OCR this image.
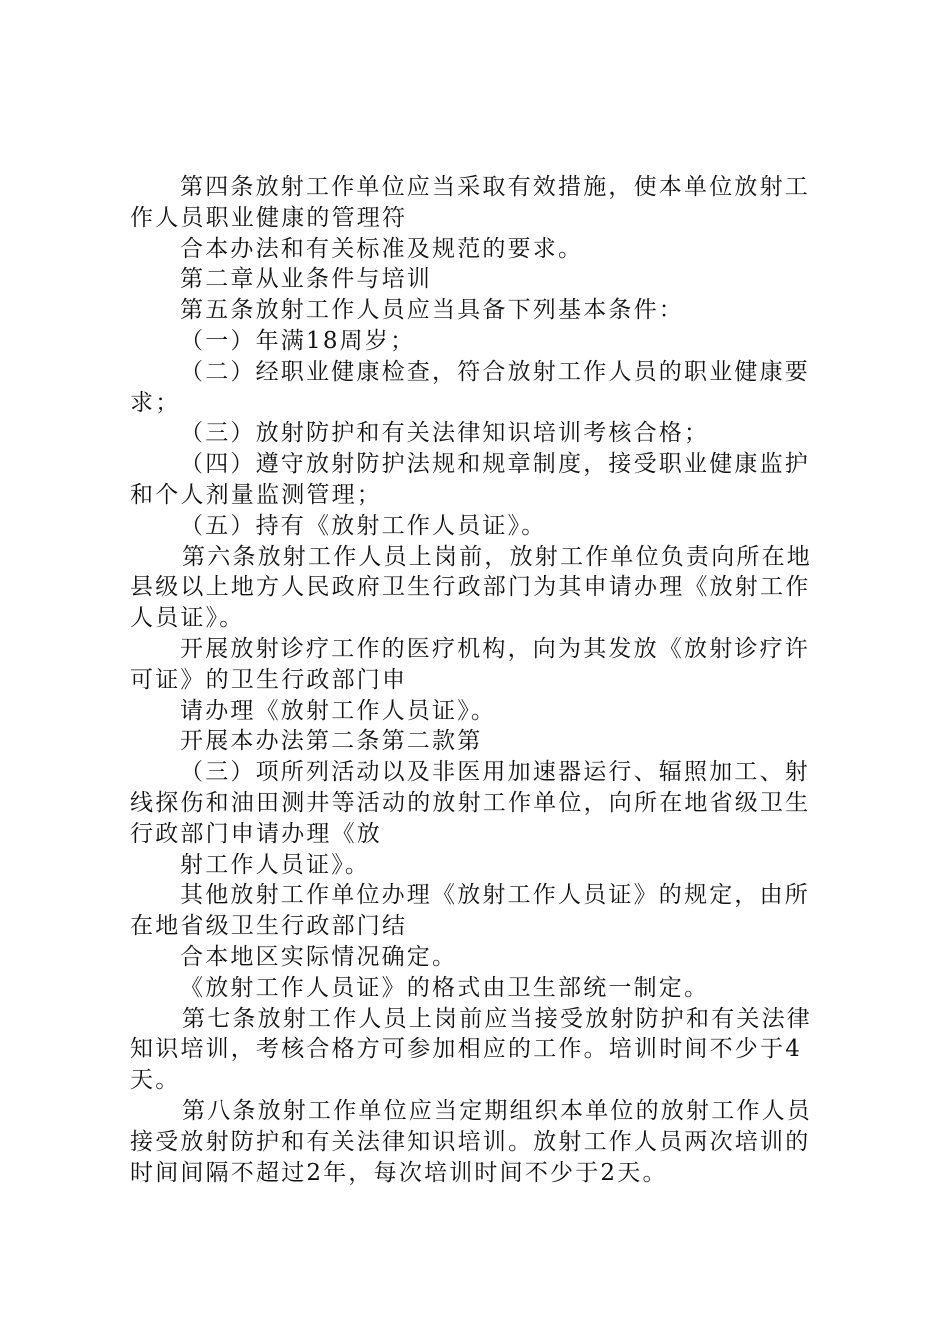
第四条放射工作单位应当采取有效措施，使本单位放射工
作人员职业健康的管理符
合本办法和有关标准及规范的要求。
第二章从业条件与培训
第五条放射工作人员应当具备下列基本条件：
（一）年满18周岁；
（二）经职业健康检查，符合放射工作人员的职业健康要
求；
（三）放射防护和有关法律知识培训考核合格；
（四）遵守放射防护法规和规章制度，接受职业健康监护
和个人剂量监测管理；
（五）持有《放射工作人员证》。
第六条放射工作人员上岗前，放射工作单位负责向所在地
县级以上地方人民政府卫生行政部门为其申请办理《放射工作
人员证》。
开展放射诊疗工作的医疗机构，向为其发放《放射诊疗许
可证》的卫生行政部门申
请办理《放射工作人员证》。
开展本办法第二条第二款第
（三）项所列活动以及非医用加速器运行、辐照加工、射
线探伤和油田测井等活动的放射工作单位，向所在地省级卫生
行政部门申请办理《放
射工作人员证》。
其他放射工作单位办理《放射工作人员证》的规定，由所
在地省级卫生行政部门结
合本地区实际情况确定。
《放射工作人员证》的格式由卫生部统一制定。
第七条放射工作人员上岗前应当接受放射防护和有关法律
知识培训，考核合格方可参加相应的工作。培训时间不少于4
天。
第八条放射工作单位应当定期组织本单位的放射工作人员
接受放射防护和有关法律知识培训。放射工作人员两次培训的
时间间隔不超过2年，每次培训时间不少于2天。
